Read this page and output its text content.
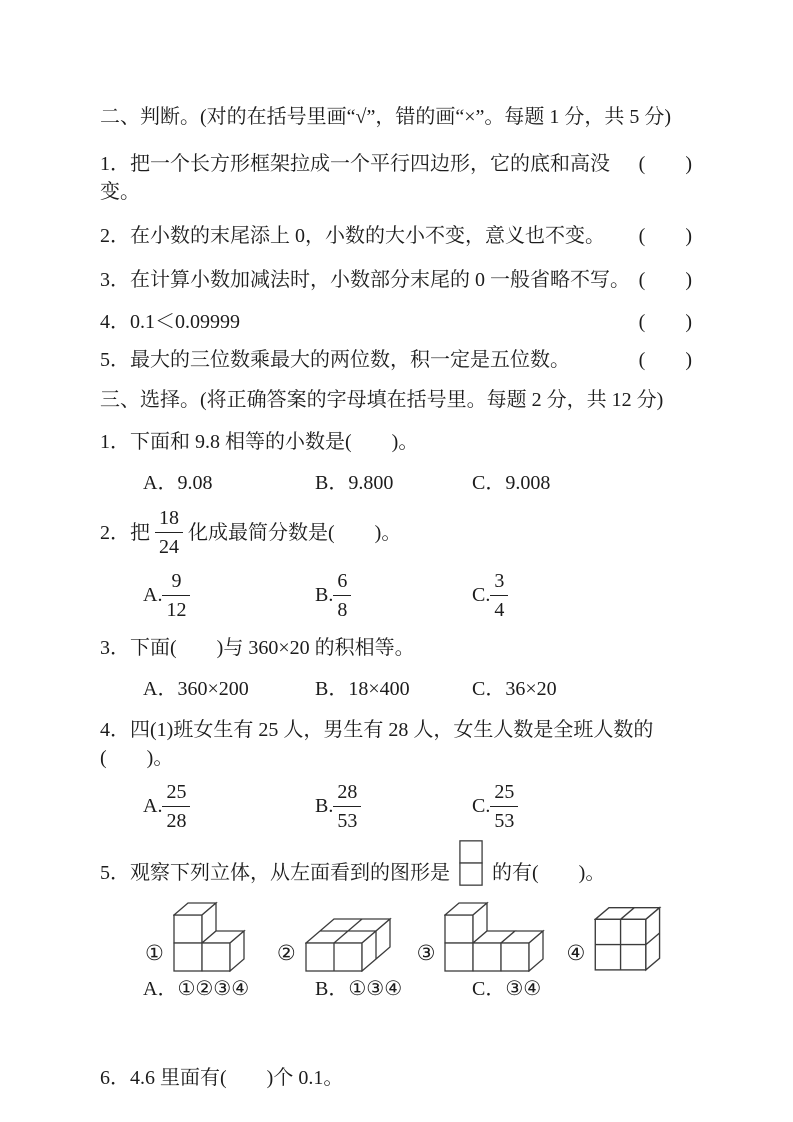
二、判断。(对的在括号里画“√”，错的画“×”。每题 1 分，共 5 分)
1．把一个长方形框架拉成一个平行四边形，它的底和高没变。
(　　)
2．在小数的末尾添上 0，小数的大小不变，意义也不变。 (　　)
3．在计算小数加减法时，小数部分末尾的 0 一般省略不写。 (　　)
4．0.1＜0.09999	(　　)
5．最大的三位数乘最大的两位数，积一定是五位数。	(　　)
三、选择。(将正确答案的字母填在括号里。每题 2 分，共 12 分)
1．下面和 9.8 相等的小数是(　　)。
A．9.08	B．9.800	C．9.008
2．把 $\frac{18}{24}$ 化成最简分数是(　　)。
A. $\frac{9}{12}$	B. $\frac{6}{8}$	C. $\frac{3}{4}$
3．下面(　　)与 360×20 的积相等。
A．360×200	B．18×400	C．36×20
4．四(1)班女生有 25 人，男生有 28 人，女生人数是全班人数的(　　)。
A. $\frac{25}{28}$	B. $\frac{28}{53}$	C. $\frac{25}{53}$
5．观察下列立体，从左面看到的图形是 的有(　　)。
①	②	③	④
A．①②③④	B．①③④	C．③④
6．4.6 里面有(　　)个 0.1。
